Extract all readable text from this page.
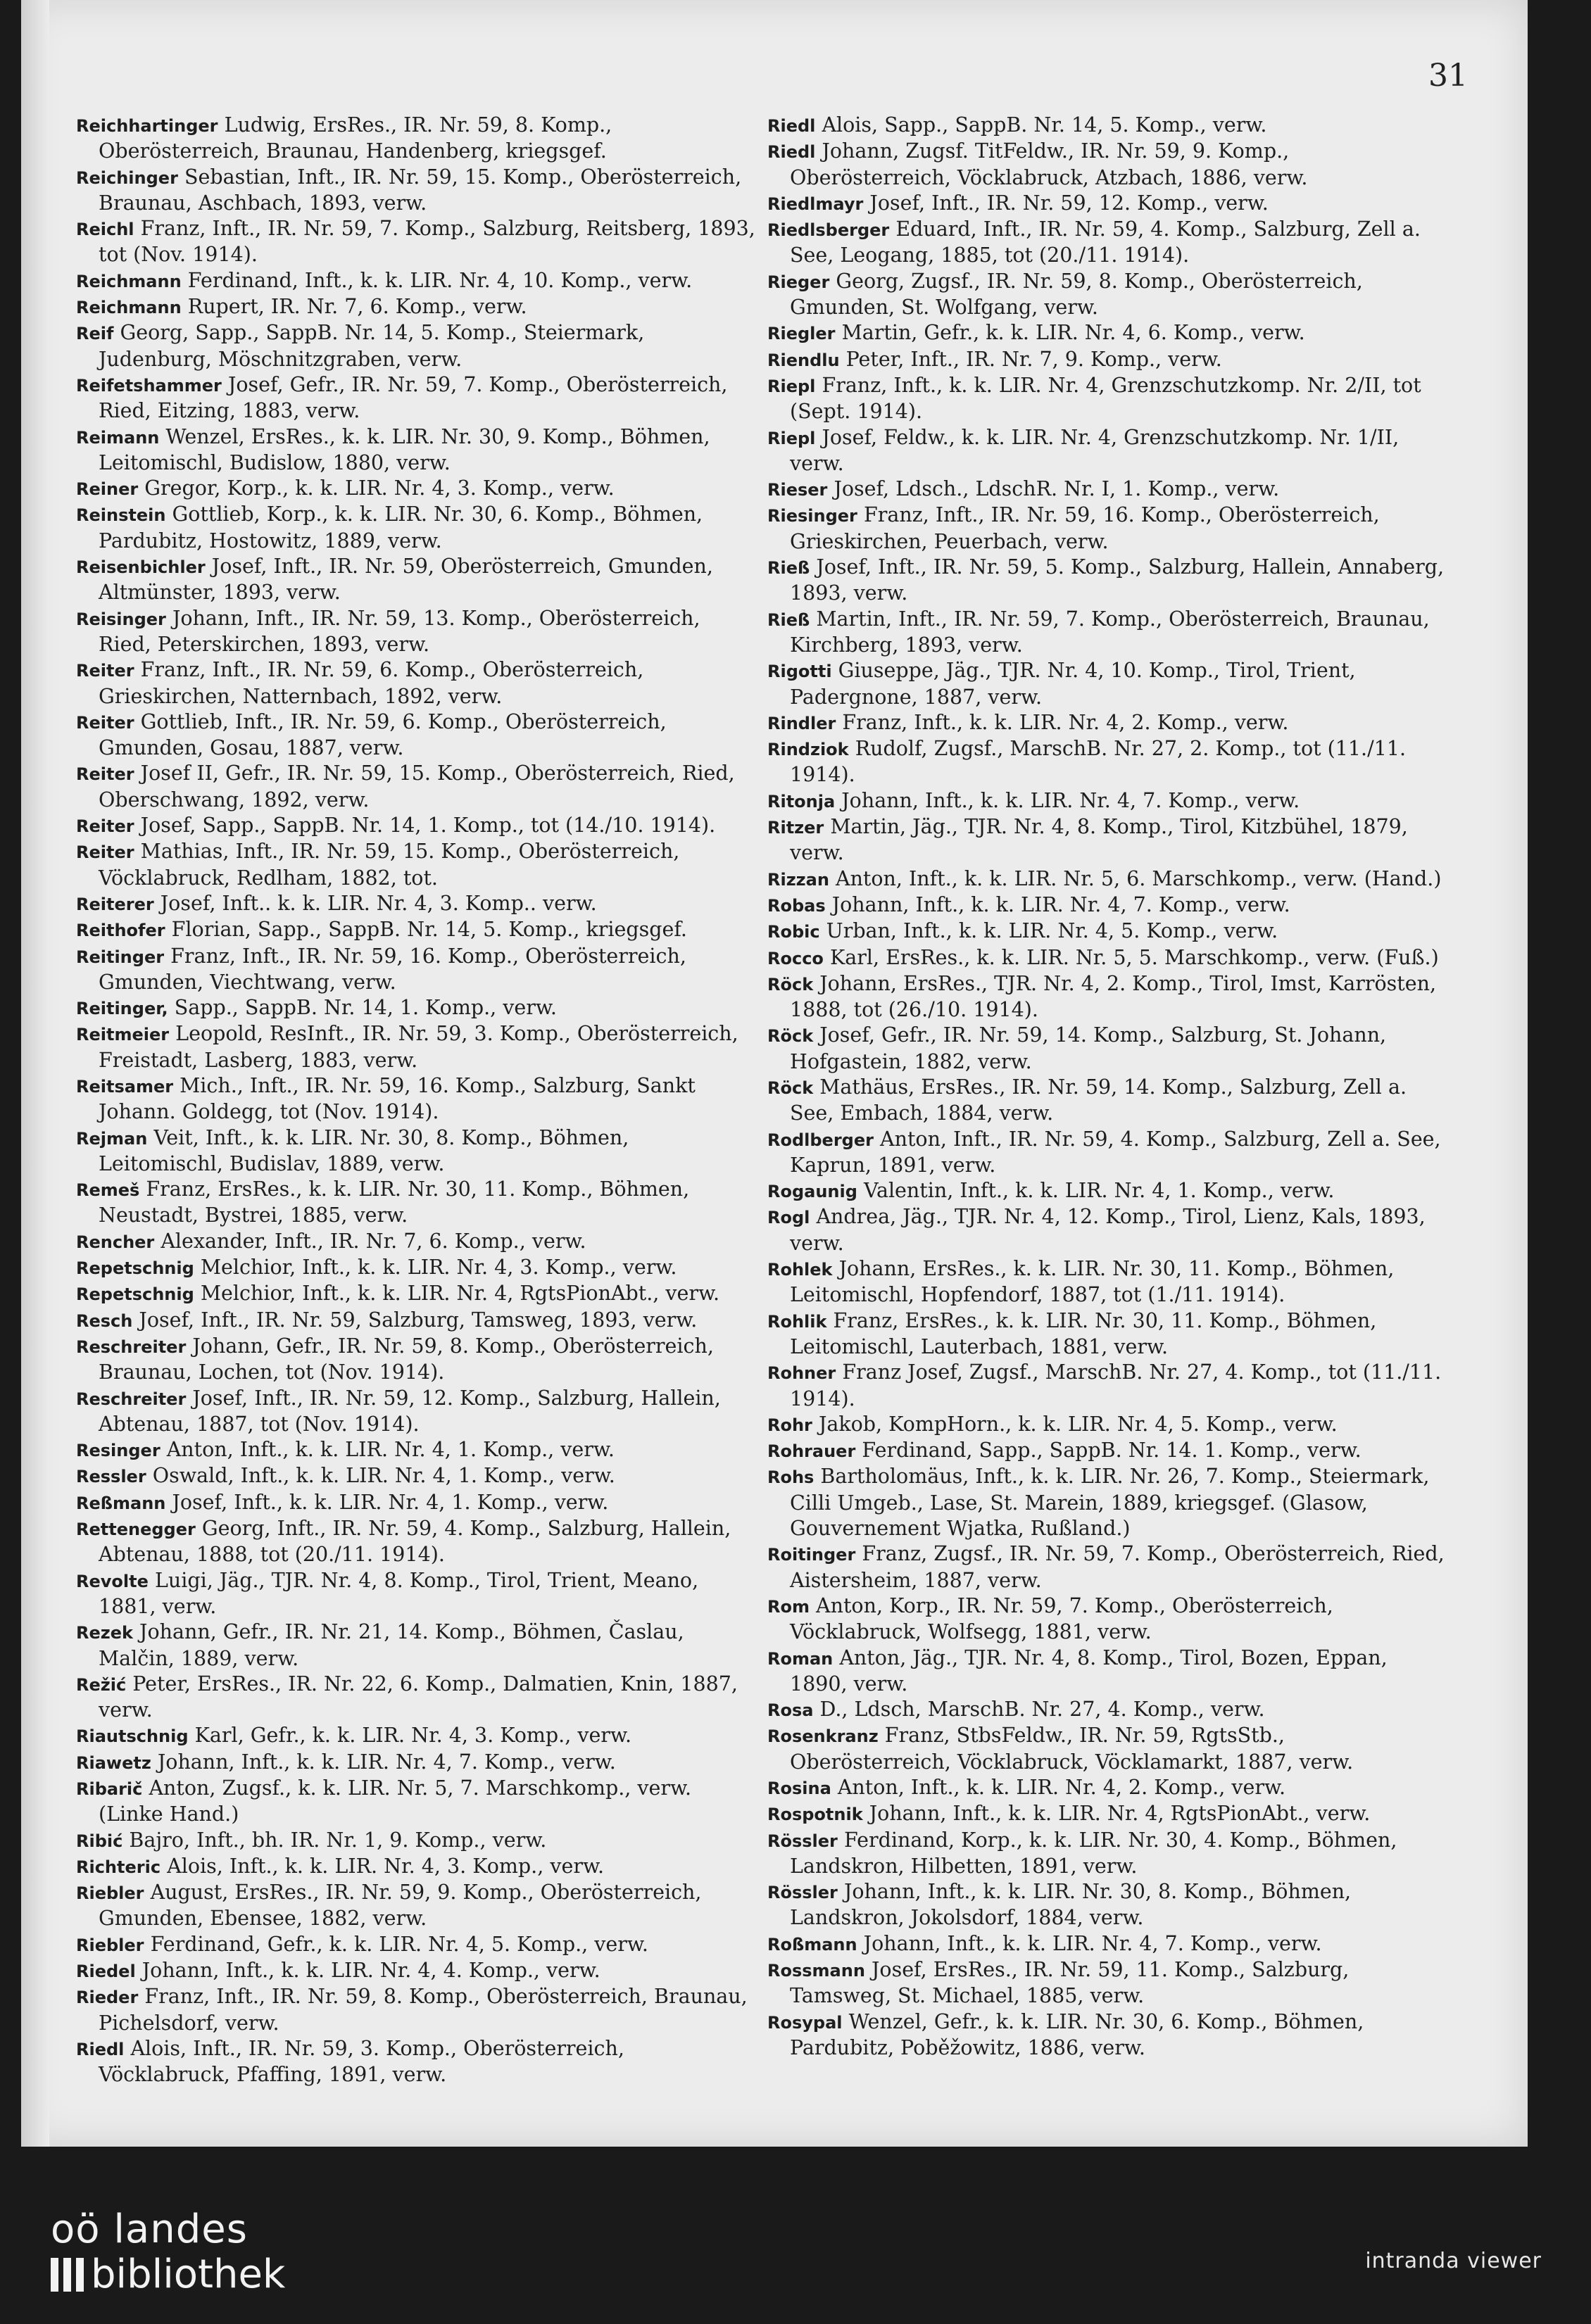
31

Reichhartinger Ludwig, ErsRes., IR. Nr. 59, 8. Komp., Oberösterreich, Braunau, Handenberg, kriegsgef.

Reichinger Sebastian, Inft., IR. Nr. 59, 15. Komp., Oberösterreich, Braunau, Aschbach, 1893, verw.

Reichl Franz, Inft., IR. Nr. 59, 7. Komp., Salzburg, Reitsberg, 1893, tot (Nov. 1914).

Reichmann Ferdinand, Inft., k. k. LIR. Nr. 4, 10. Komp., verw.

Reichmann Rupert, IR. Nr. 7, 6. Komp., verw.

Reif Georg, Sapp., SappB. Nr. 14, 5. Komp., Steiermark, Judenburg, Möschnitzgraben, verw.

Reifetshammer Josef, Gefr., IR. Nr. 59, 7. Komp., Oberösterreich, Ried, Eitzing, 1883, verw.

Reimann Wenzel, ErsRes., k. k. LIR. Nr. 30, 9. Komp., Böhmen, Leitomischl, Budislow, 1880, verw.

Reiner Gregor, Korp., k. k. LIR. Nr. 4, 3. Komp., verw.

Reinstein Gottlieb, Korp., k. k. LIR. Nr. 30, 6. Komp., Böhmen, Pardubitz, Hostowitz, 1889, verw.

Reisenbichler Josef, Inft., IR. Nr. 59, Oberösterreich, Gmunden, Altmünster, 1893, verw.

Reisinger Johann, Inft., IR. Nr. 59, 13. Komp., Oberösterreich, Ried, Peterskirchen, 1893, verw.

Reiter Franz, Inft., IR. Nr. 59, 6. Komp., Oberösterreich, Grieskirchen, Natternbach, 1892, verw.

Reiter Gottlieb, Inft., IR. Nr. 59, 6. Komp., Oberösterreich, Gmunden, Gosau, 1887, verw.

Reiter Josef II, Gefr., IR. Nr. 59, 15. Komp., Oberösterreich, Ried, Oberschwang, 1892, verw.

Reiter Josef, Sapp., SappB. Nr. 14, 1. Komp., tot (14./10. 1914).

Reiter Mathias, Inft., IR. Nr. 59, 15. Komp., Oberösterreich, Vöcklabruck, Redlham, 1882, tot.

Reiterer Josef, Inft.. k. k. LIR. Nr. 4, 3. Komp.. verw.

Reithofer Florian, Sapp., SappB. Nr. 14, 5. Komp., kriegsgef.

Reitinger Franz, Inft., IR. Nr. 59, 16. Komp., Oberösterreich, Gmunden, Viechtwang, verw.

Reitinger, Sapp., SappB. Nr. 14, 1. Komp., verw.

Reitmeier Leopold, ResInft., IR. Nr. 59, 3. Komp., Oberösterreich, Freistadt, Lasberg, 1883, verw.

Reitsamer Mich., Inft., IR. Nr. 59, 16. Komp., Salzburg, Sankt Johann. Goldegg, tot (Nov. 1914).

Rejman Veit, Inft., k. k. LIR. Nr. 30, 8. Komp., Böhmen, Leitomischl, Budislav, 1889, verw.

Remeš Franz, ErsRes., k. k. LIR. Nr. 30, 11. Komp., Böhmen, Neustadt, Bystrei, 1885, verw.

Rencher Alexander, Inft., IR. Nr. 7, 6. Komp., verw.

Repetschnig Melchior, Inft., k. k. LIR. Nr. 4, 3. Komp., verw.

Repetschnig Melchior, Inft., k. k. LIR. Nr. 4, RgtsPionAbt., verw.

Resch Josef, Inft., IR. Nr. 59, Salzburg, Tamsweg, 1893, verw.

Reschreiter Johann, Gefr., IR. Nr. 59, 8. Komp., Oberösterreich, Braunau, Lochen, tot (Nov. 1914).

Reschreiter Josef, Inft., IR. Nr. 59, 12. Komp., Salzburg, Hallein, Abtenau, 1887, tot (Nov. 1914).

Resinger Anton, Inft., k. k. LIR. Nr. 4, 1. Komp., verw.

Ressler Oswald, Inft., k. k. LIR. Nr. 4, 1. Komp., verw.

Reßmann Josef, Inft., k. k. LIR. Nr. 4, 1. Komp., verw.

Rettenegger Georg, Inft., IR. Nr. 59, 4. Komp., Salzburg, Hallein, Abtenau, 1888, tot (20./11. 1914).

Revolte Luigi, Jäg., TJR. Nr. 4, 8. Komp., Tirol, Trient, Meano, 1881, verw.

Rezek Johann, Gefr., IR. Nr. 21, 14. Komp., Böhmen, Časlau, Malčin, 1889, verw.

Režić Peter, ErsRes., IR. Nr. 22, 6. Komp., Dalmatien, Knin, 1887, verw.

Riautschnig Karl, Gefr., k. k. LIR. Nr. 4, 3. Komp., verw.

Riawetz Johann, Inft., k. k. LIR. Nr. 4, 7. Komp., verw.

Ribarič Anton, Zugsf., k. k. LIR. Nr. 5, 7. Marschkomp., verw. (Linke Hand.)

Ribić Bajro, Inft., bh. IR. Nr. 1, 9. Komp., verw.

Richteric Alois, Inft., k. k. LIR. Nr. 4, 3. Komp., verw.

Riebler August, ErsRes., IR. Nr. 59, 9. Komp., Oberösterreich, Gmunden, Ebensee, 1882, verw.

Riebler Ferdinand, Gefr., k. k. LIR. Nr. 4, 5. Komp., verw.

Riedel Johann, Inft., k. k. LIR. Nr. 4, 4. Komp., verw.

Rieder Franz, Inft., IR. Nr. 59, 8. Komp., Oberösterreich, Braunau, Pichelsdorf, verw.

Riedl Alois, Inft., IR. Nr. 59, 3. Komp., Oberösterreich, Vöcklabruck, Pfaffing, 1891, verw.

Riedl Alois, Sapp., SappB. Nr. 14, 5. Komp., verw.

Riedl Johann, Zugsf. TitFeldw., IR. Nr. 59, 9. Komp., Oberösterreich, Vöcklabruck, Atzbach, 1886, verw.

Riedlmayr Josef, Inft., IR. Nr. 59, 12. Komp., verw.

Riedlsberger Eduard, Inft., IR. Nr. 59, 4. Komp., Salzburg, Zell a. See, Leogang, 1885, tot (20./11. 1914).

Rieger Georg, Zugsf., IR. Nr. 59, 8. Komp., Oberösterreich, Gmunden, St. Wolfgang, verw.

Riegler Martin, Gefr., k. k. LIR. Nr. 4, 6. Komp., verw.

Riendlu Peter, Inft., IR. Nr. 7, 9. Komp., verw.

Riepl Franz, Inft., k. k. LIR. Nr. 4, Grenzschutzkomp. Nr. 2/II, tot (Sept. 1914).

Riepl Josef, Feldw., k. k. LIR. Nr. 4, Grenzschutzkomp. Nr. 1/II, verw.

Rieser Josef, Ldsch., LdschR. Nr. I, 1. Komp., verw.

Riesinger Franz, Inft., IR. Nr. 59, 16. Komp., Oberösterreich, Grieskirchen, Peuerbach, verw.

Rieß Josef, Inft., IR. Nr. 59, 5. Komp., Salzburg, Hallein, Annaberg, 1893, verw.

Rieß Martin, Inft., IR. Nr. 59, 7. Komp., Oberösterreich, Braunau, Kirchberg, 1893, verw.

Rigotti Giuseppe, Jäg., TJR. Nr. 4, 10. Komp., Tirol, Trient, Padergnone, 1887, verw.

Rindler Franz, Inft., k. k. LIR. Nr. 4, 2. Komp., verw.

Rindziok Rudolf, Zugsf., MarschB. Nr. 27, 2. Komp., tot (11./11. 1914).

Ritonja Johann, Inft., k. k. LIR. Nr. 4, 7. Komp., verw.

Ritzer Martin, Jäg., TJR. Nr. 4, 8. Komp., Tirol, Kitzbühel, 1879, verw.

Rizzan Anton, Inft., k. k. LIR. Nr. 5, 6. Marschkomp., verw. (Hand.)

Robas Johann, Inft., k. k. LIR. Nr. 4, 7. Komp., verw.

Robic Urban, Inft., k. k. LIR. Nr. 4, 5. Komp., verw.

Rocco Karl, ErsRes., k. k. LIR. Nr. 5, 5. Marschkomp., verw. (Fuß.)

Röck Johann, ErsRes., TJR. Nr. 4, 2. Komp., Tirol, Imst, Karrösten, 1888, tot (26./10. 1914).

Röck Josef, Gefr., IR. Nr. 59, 14. Komp., Salzburg, St. Johann, Hofgastein, 1882, verw.

Röck Mathäus, ErsRes., IR. Nr. 59, 14. Komp., Salzburg, Zell a. See, Embach, 1884, verw.

Rodlberger Anton, Inft., IR. Nr. 59, 4. Komp., Salzburg, Zell a. See, Kaprun, 1891, verw.

Rogaunig Valentin, Inft., k. k. LIR. Nr. 4, 1. Komp., verw.

Rogl Andrea, Jäg., TJR. Nr. 4, 12. Komp., Tirol, Lienz, Kals, 1893, verw.

Rohlek Johann, ErsRes., k. k. LIR. Nr. 30, 11. Komp., Böhmen, Leitomischl, Hopfendorf, 1887, tot (1./11. 1914).

Rohlik Franz, ErsRes., k. k. LIR. Nr. 30, 11. Komp., Böhmen, Leitomischl, Lauterbach, 1881, verw.

Rohner Franz Josef, Zugsf., MarschB. Nr. 27, 4. Komp., tot (11./11. 1914).

Rohr Jakob, KompHorn., k. k. LIR. Nr. 4, 5. Komp., verw.

Rohrauer Ferdinand, Sapp., SappB. Nr. 14. 1. Komp., verw.

Rohs Bartholomäus, Inft., k. k. LIR. Nr. 26, 7. Komp., Steiermark, Cilli Umgeb., Lase, St. Marein, 1889, kriegsgef. (Glasow, Gouvernement Wjatka, Rußland.)

Roitinger Franz, Zugsf., IR. Nr. 59, 7. Komp., Oberösterreich, Ried, Aistersheim, 1887, verw.

Rom Anton, Korp., IR. Nr. 59, 7. Komp., Oberösterreich, Vöcklabruck, Wolfsegg, 1881, verw.

Roman Anton, Jäg., TJR. Nr. 4, 8. Komp., Tirol, Bozen, Eppan, 1890, verw.

Rosa D., Ldsch, MarschB. Nr. 27, 4. Komp., verw.

Rosenkranz Franz, StbsFeldw., IR. Nr. 59, RgtsStb., Oberösterreich, Vöcklabruck, Vöcklamarkt, 1887, verw.

Rosina Anton, Inft., k. k. LIR. Nr. 4, 2. Komp., verw.

Rospotnik Johann, Inft., k. k. LIR. Nr. 4, RgtsPionAbt., verw.

Rössler Ferdinand, Korp., k. k. LIR. Nr. 30, 4. Komp., Böhmen, Landskron, Hilbetten, 1891, verw.

Rössler Johann, Inft., k. k. LIR. Nr. 30, 8. Komp., Böhmen, Landskron, Jokolsdorf, 1884, verw.

Roßmann Johann, Inft., k. k. LIR. Nr. 4, 7. Komp., verw.

Rossmann Josef, ErsRes., IR. Nr. 59, 11. Komp., Salzburg, Tamsweg, St. Michael, 1885, verw.

Rosypal Wenzel, Gefr., k. k. LIR. Nr. 30, 6. Komp., Böhmen, Pardubitz, Poběžowitz, 1886, verw.

oö landes
bibliothek	intranda viewer
